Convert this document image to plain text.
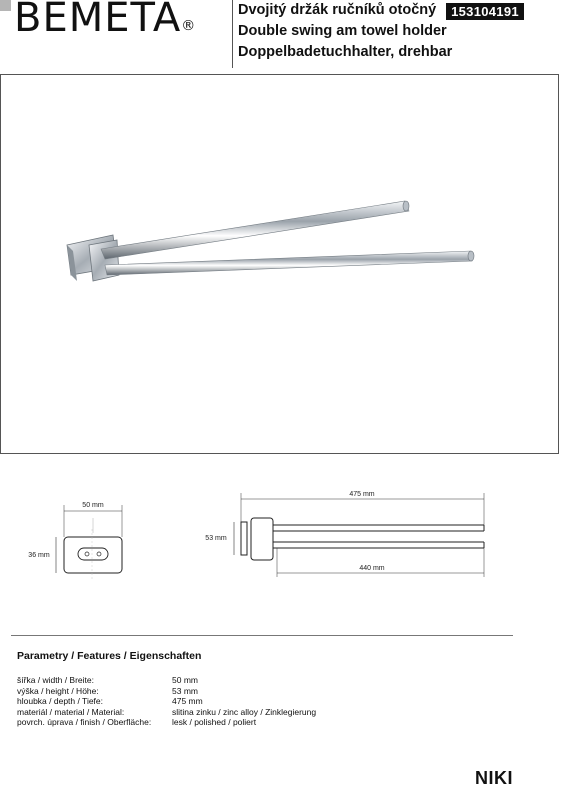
BEMETA®
Dvojitý držák ručníků otočný
Double swing am towel holder
Doppelbadetuchhalter, drehbar
153104191
50 mm
36 mm
475 mm
53 mm
440 mm
Parametry / Features / Eigenschaften
šířka / width / Breite:	50 mm
výška / height / Höhe:	53 mm
hloubka / depth / Tiefe:	475 mm
materiál / material / Material:	slitina zinku / zinc alloy / Zinklegierung
povrch. úprava / finish / Oberfläche: lesk / polished / poliert
NIKI
